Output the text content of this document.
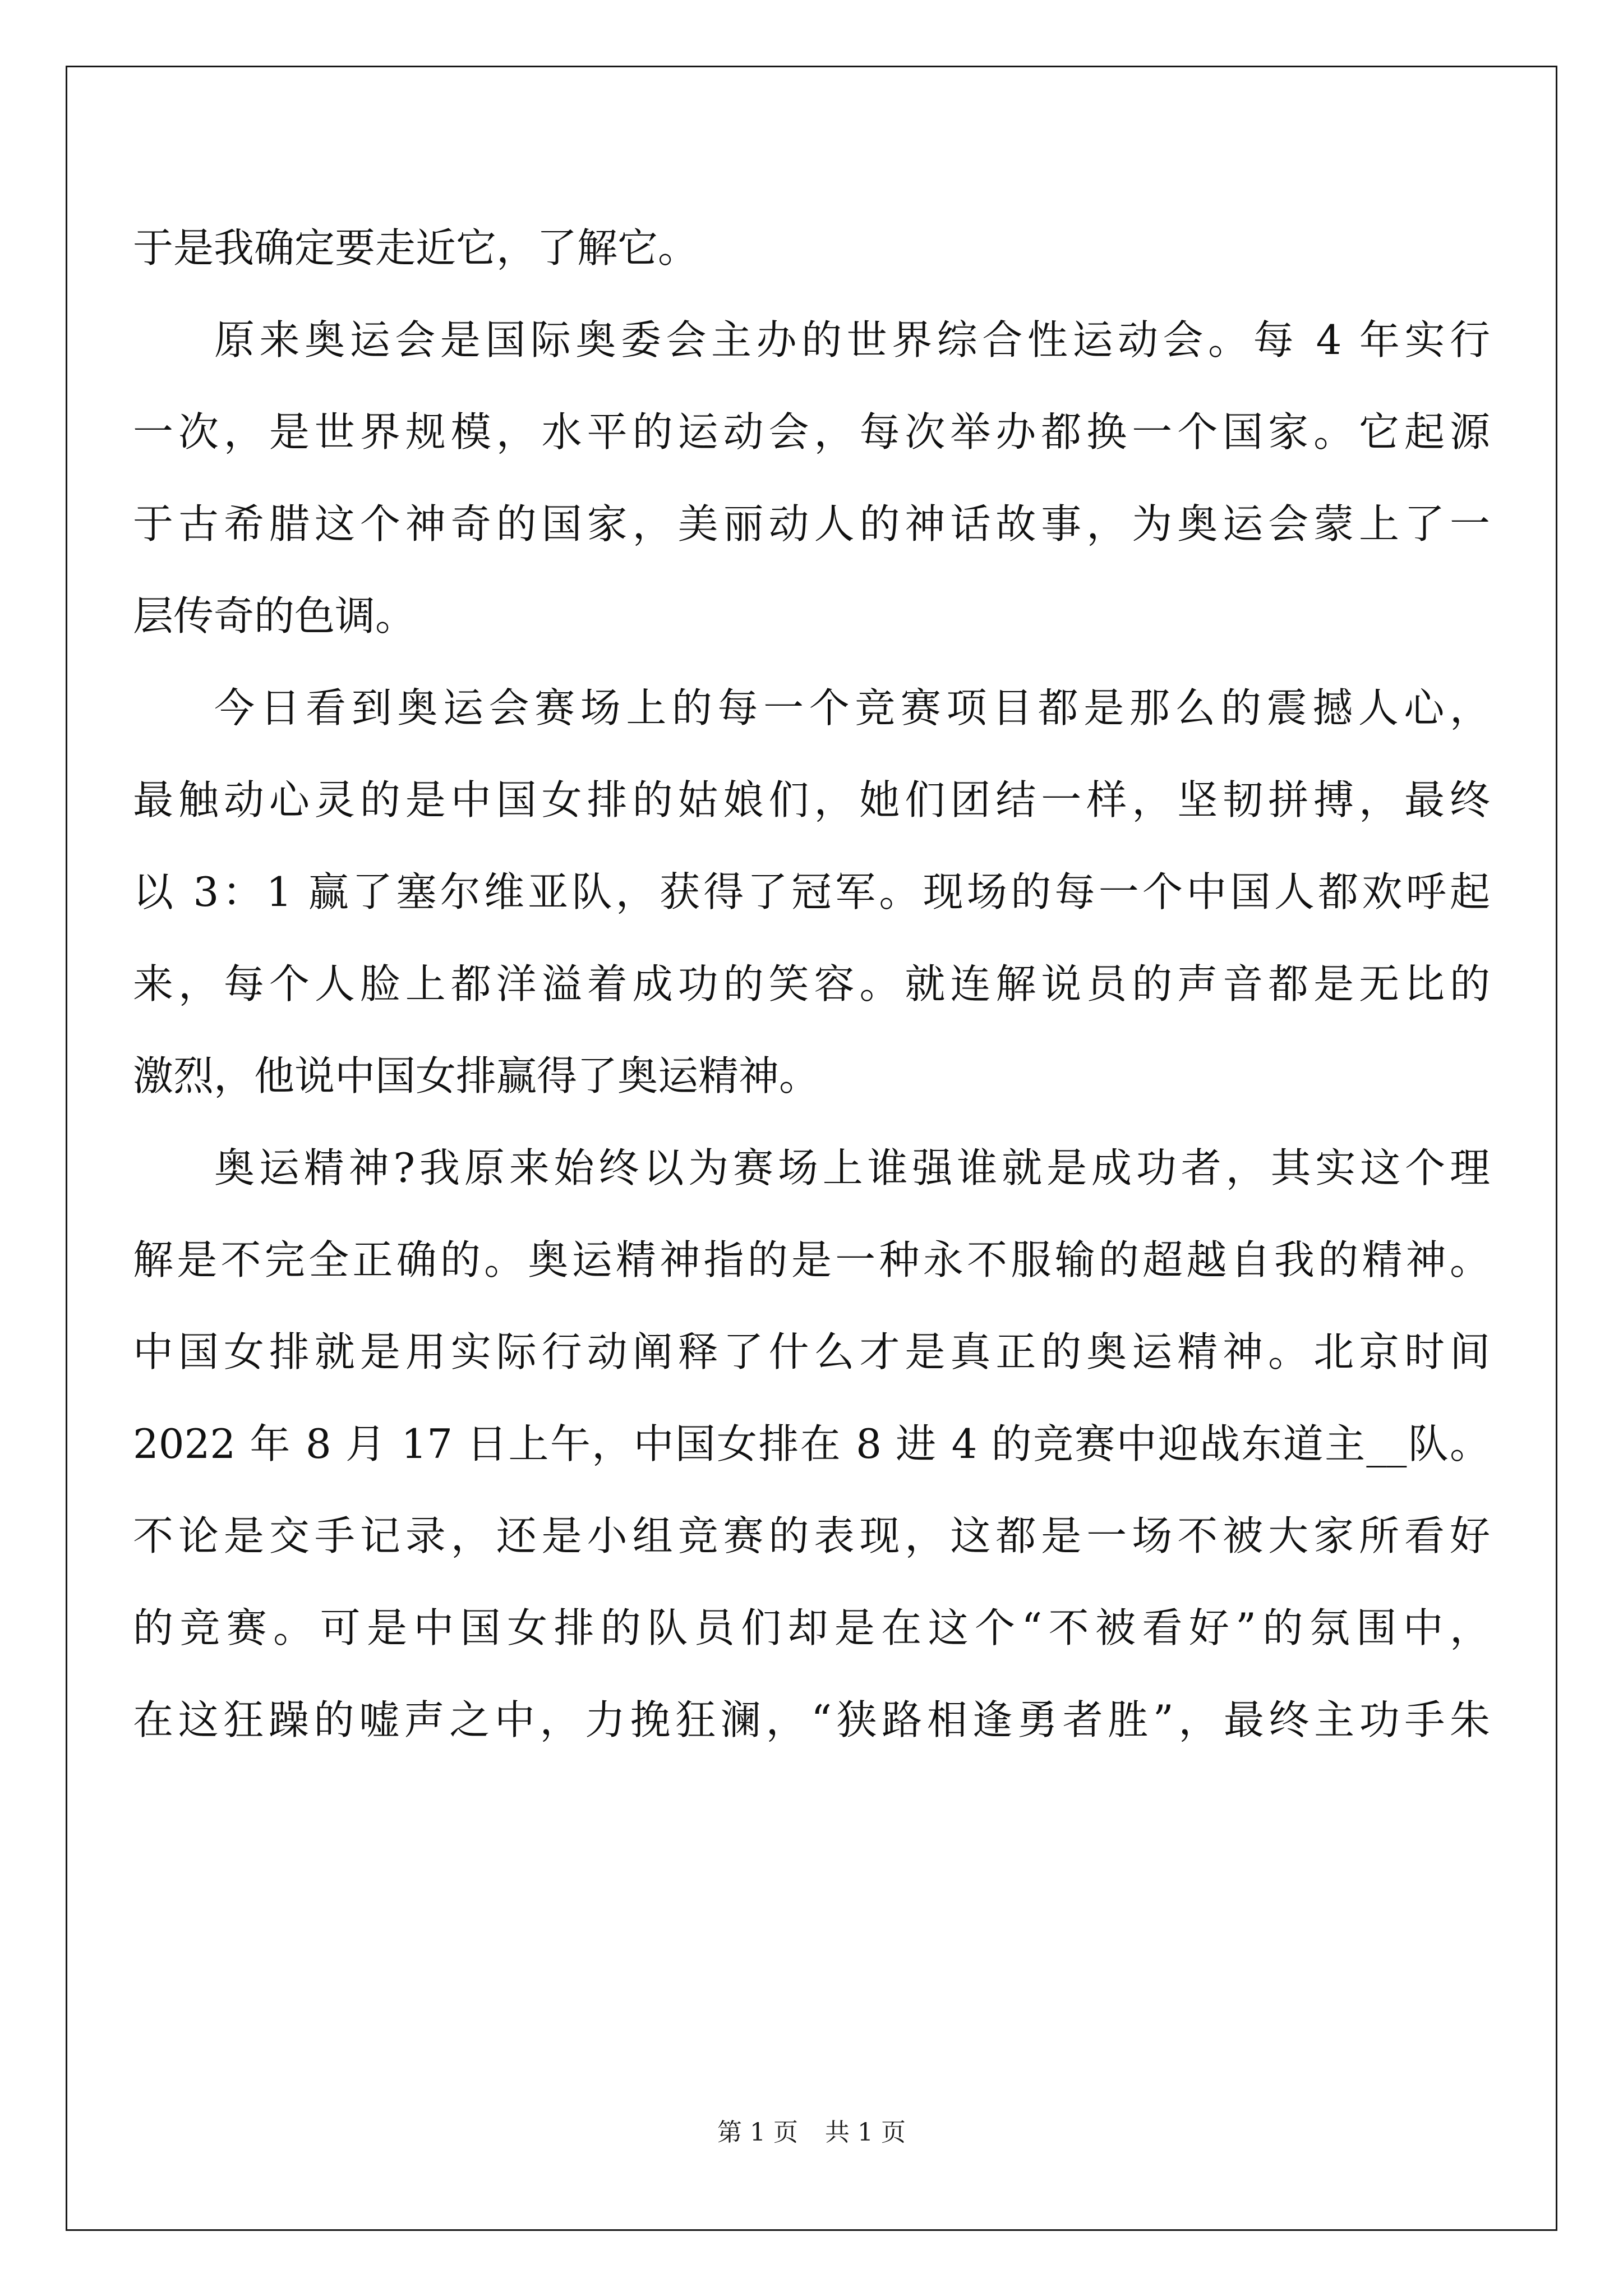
于是我确定要走近它，了解它。
原来奥运会是国际奥委会主办的世界综合性运动会。每 4 年实行
一次，是世界规模，水平的运动会，每次举办都换一个国家。它起源
于古希腊这个神奇的国家，美丽动人的神话故事，为奥运会蒙上了一
层传奇的色调。
今日看到奥运会赛场上的每一个竞赛项目都是那么的震撼人心，
最触动心灵的是中国女排的姑娘们，她们团结一样，坚韧拼搏，最终
以 3：1 赢了塞尔维亚队，获得了冠军。现场的每一个中国人都欢呼起
来，每个人脸上都洋溢着成功的笑容。就连解说员的声音都是无比的
激烈，他说中国女排赢得了奥运精神。
奥运精神?我原来始终以为赛场上谁强谁就是成功者，其实这个理
解是不完全正确的。奥运精神指的是一种永不服输的超越自我的精神。
中国女排就是用实际行动阐释了什么才是真正的奥运精神。北京时间
2022 年 8 月 17 日上午，中国女排在 8 进 4 的竞赛中迎战东道主__队。
不论是交手记录，还是小组竞赛的表现，这都是一场不被大家所看好
的竞赛。可是中国女排的队员们却是在这个“不被看好”的氛围中，
在这狂躁的嘘声之中，力挽狂澜，“狭路相逢勇者胜”，最终主功手朱
第 1 页 共 1 页
